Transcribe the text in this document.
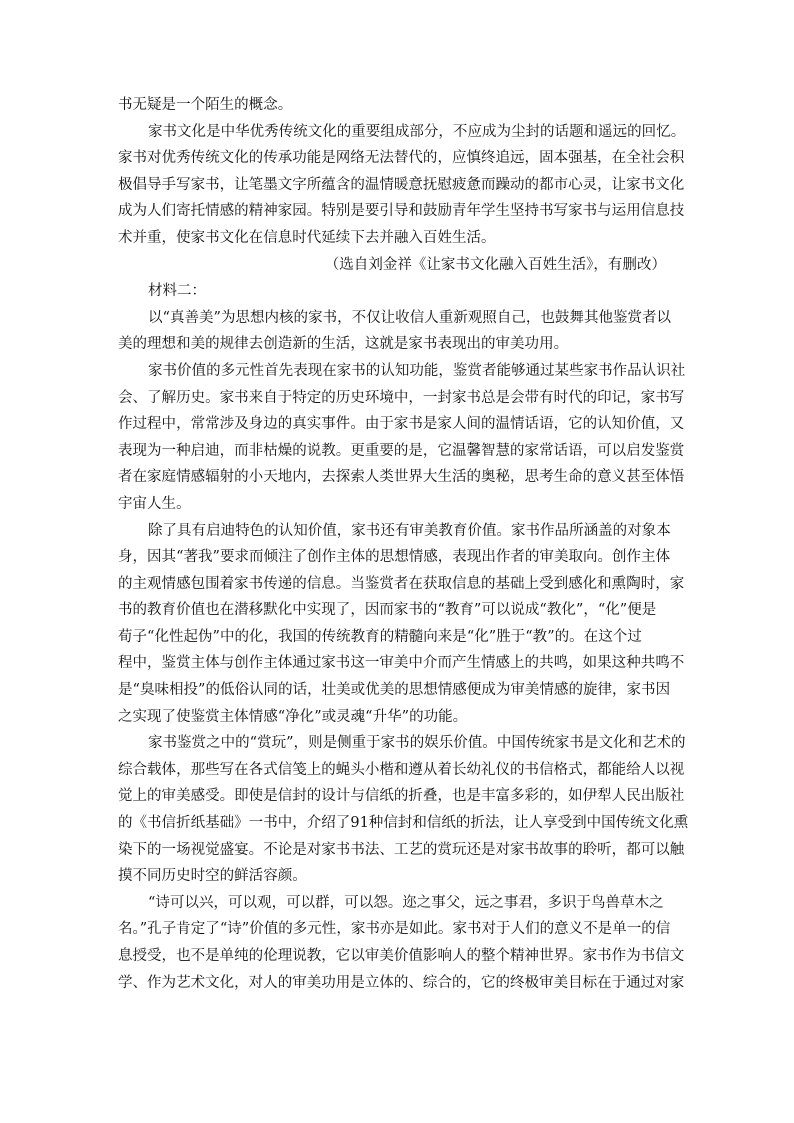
书无疑是一个陌生的概念。

家书文化是中华优秀传统文化的重要组成部分，不应成为尘封的话题和遥远的回忆。
家书对优秀传统文化的传承功能是网络无法替代的，应慎终追远，固本强基，在全社会积
极倡导手写家书，让笔墨文字所蕴含的温情暖意抚慰疲惫而躁动的都市心灵，让家书文化
成为人们寄托情感的精神家园。特别是要引导和鼓励青年学生坚持书写家书与运用信息技
术并重，使家书文化在信息时代延续下去并融入百姓生活。

（选自刘金祥《让家书文化融入百姓生活》，有删改）

材料二：

以“真善美”为思想内核的家书，不仅让收信人重新观照自己，也鼓舞其他鉴赏者以
美的理想和美的规律去创造新的生活，这就是家书表现出的审美功用。

家书价值的多元性首先表现在家书的认知功能，鉴赏者能够通过某些家书作品认识社
会、了解历史。家书来自于特定的历史环境中，一封家书总是会带有时代的印记，家书写
作过程中，常常涉及身边的真实事件。由于家书是家人间的温情话语，它的认知价值，又
表现为一种启迪，而非枯燥的说教。更重要的是，它温馨智慧的家常话语，可以启发鉴赏
者在家庭情感辐射的小天地内，去探索人类世界大生活的奥秘，思考生命的意义甚至体悟
宇宙人生。

除了具有启迪特色的认知价值，家书还有审美教育价值。家书作品所涵盖的对象本
身，因其“著我”要求而倾注了创作主体的思想情感，表现出作者的审美取向。创作主体
的主观情感包围着家书传递的信息。当鉴赏者在获取信息的基础上受到感化和熏陶时，家
书的教育价值也在潜移默化中实现了，因而家书的“教育”可以说成“教化”，“化”便是
荀子“化性起伪”中的化，我国的传统教育的精髓向来是“化”胜于“教”的。在这个过
程中，鉴赏主体与创作主体通过家书这一审美中介而产生情感上的共鸣，如果这种共鸣不
是“臭味相投”的低俗认同的话，壮美或优美的思想情感便成为审美情感的旋律，家书因
之实现了使鉴赏主体情感“净化”或灵魂“升华”的功能。

家书鉴赏之中的“赏玩”，则是侧重于家书的娱乐价值。中国传统家书是文化和艺术的
综合载体，那些写在各式信笺上的蝇头小楷和遵从着长幼礼仪的书信格式，都能给人以视
觉上的审美感受。即使是信封的设计与信纸的折叠，也是丰富多彩的，如伊犁人民出版社
的《书信折纸基础》一书中，介绍了91种信封和信纸的折法，让人享受到中国传统文化熏
染下的一场视觉盛宴。不论是对家书书法、工艺的赏玩还是对家书故事的聆听，都可以触
摸不同历史时空的鲜活容颜。

“诗可以兴，可以观，可以群，可以怨。迩之事父，远之事君，多识于鸟兽草木之
名。”孔子肯定了“诗”价值的多元性，家书亦是如此。家书对于人们的意义不是单一的信
息授受，也不是单纯的伦理说教，它以审美价值影响人的整个精神世界。家书作为书信文
学、作为艺术文化，对人的审美功用是立体的、综合的，它的终极审美目标在于通过对家
